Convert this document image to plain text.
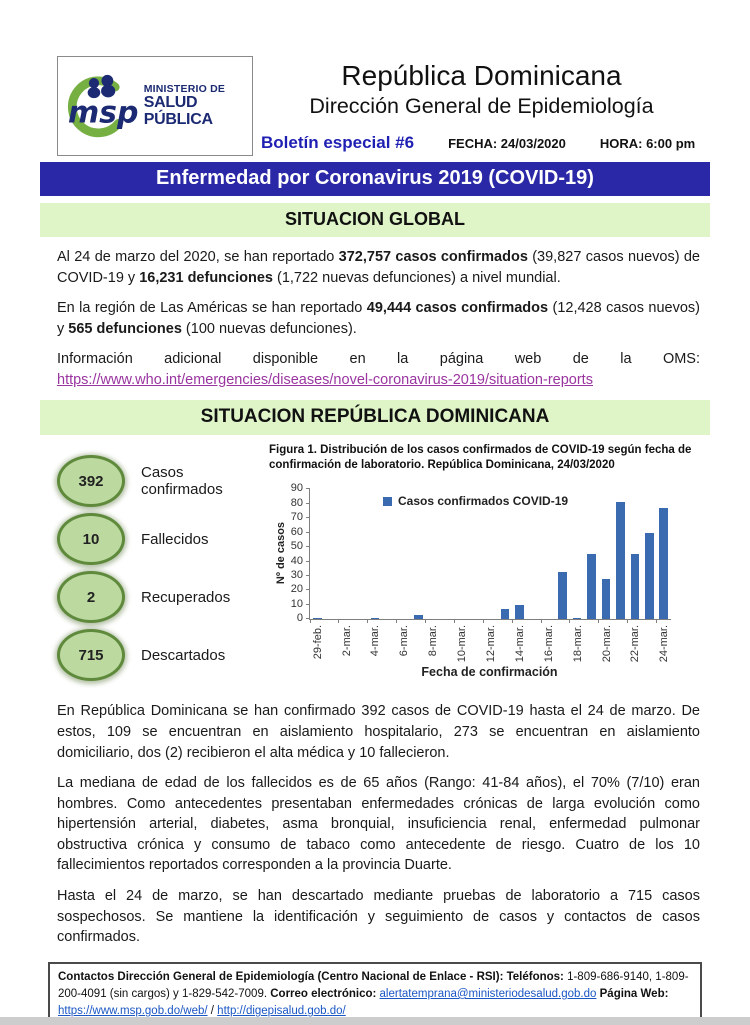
msp
MINISTERIO DE
SALUD PÚBLICA
República Dominicana
Dirección General de Epidemiología
Boletín especial #6	FECHA: 24/03/2020	HORA: 6:00 pm
Enfermedad por Coronavirus 2019 (COVID-19)
SITUACION GLOBAL

Al 24 de marzo del 2020, se han reportado 372,757 casos confirmados (39,827 casos nuevos) de COVID-19 y 16,231 defunciones (1,722 nuevas defunciones) a nivel mundial.

En la región de Las Américas se han reportado 49,444 casos confirmados (12,428 casos nuevos) y 565 defunciones (100 nuevas defunciones).

Información adicional disponible en la página web de la OMS: https://www.who.int/emergencies/diseases/novel-coronavirus-2019/situation-reports

SITUACION REPÚBLICA DOMINICANA
392	Casos confirmados
10	Fallecidos
2	Recuperados
715	Descartados
Figura 1. Distribución de los casos confirmados de COVID-19 según fecha de confirmación de laboratorio. República Dominicana, 24/03/2020
Casos confirmados COVID-19
Nº de casos
0
10
20
30
40
50
60
70
80
90
29-feb. 2-mar. 4-mar. 6-mar. 8-mar. 10-mar. 12-mar. 14-mar. 16-mar. 18-mar. 20-mar. 22-mar. 24-mar.
Fecha de confirmación

En República Dominicana se han confirmado 392 casos de COVID-19 hasta el 24 de marzo. De estos, 109 se encuentran en aislamiento hospitalario, 273 se encuentran en aislamiento domiciliario, dos (2) recibieron el alta médica y 10 fallecieron.

La mediana de edad de los fallecidos es de 65 años (Rango: 41-84 años), el 70% (7/10) eran hombres. Como antecedentes presentaban enfermedades crónicas de larga evolución como hipertensión arterial, diabetes, asma bronquial, insuficiencia renal, enfermedad pulmonar obstructiva crónica y consumo de tabaco como antecedente de riesgo. Cuatro de los 10 fallecimientos reportados corresponden a la provincia Duarte.

Hasta el 24 de marzo, se han descartado mediante pruebas de laboratorio a 715 casos sospechosos. Se mantiene la identificación y seguimiento de casos y contactos de casos confirmados.

Contactos Dirección General de Epidemiología (Centro Nacional de Enlace - RSI): Teléfonos: 1-809-686-9140, 1-809-200-4091 (sin cargos) y 1-829-542-7009. Correo electrónico: alertatemprana@ministeriodesalud.gob.do Página Web: https://www.msp.gob.do/web/ / http://digepisalud.gob.do/
